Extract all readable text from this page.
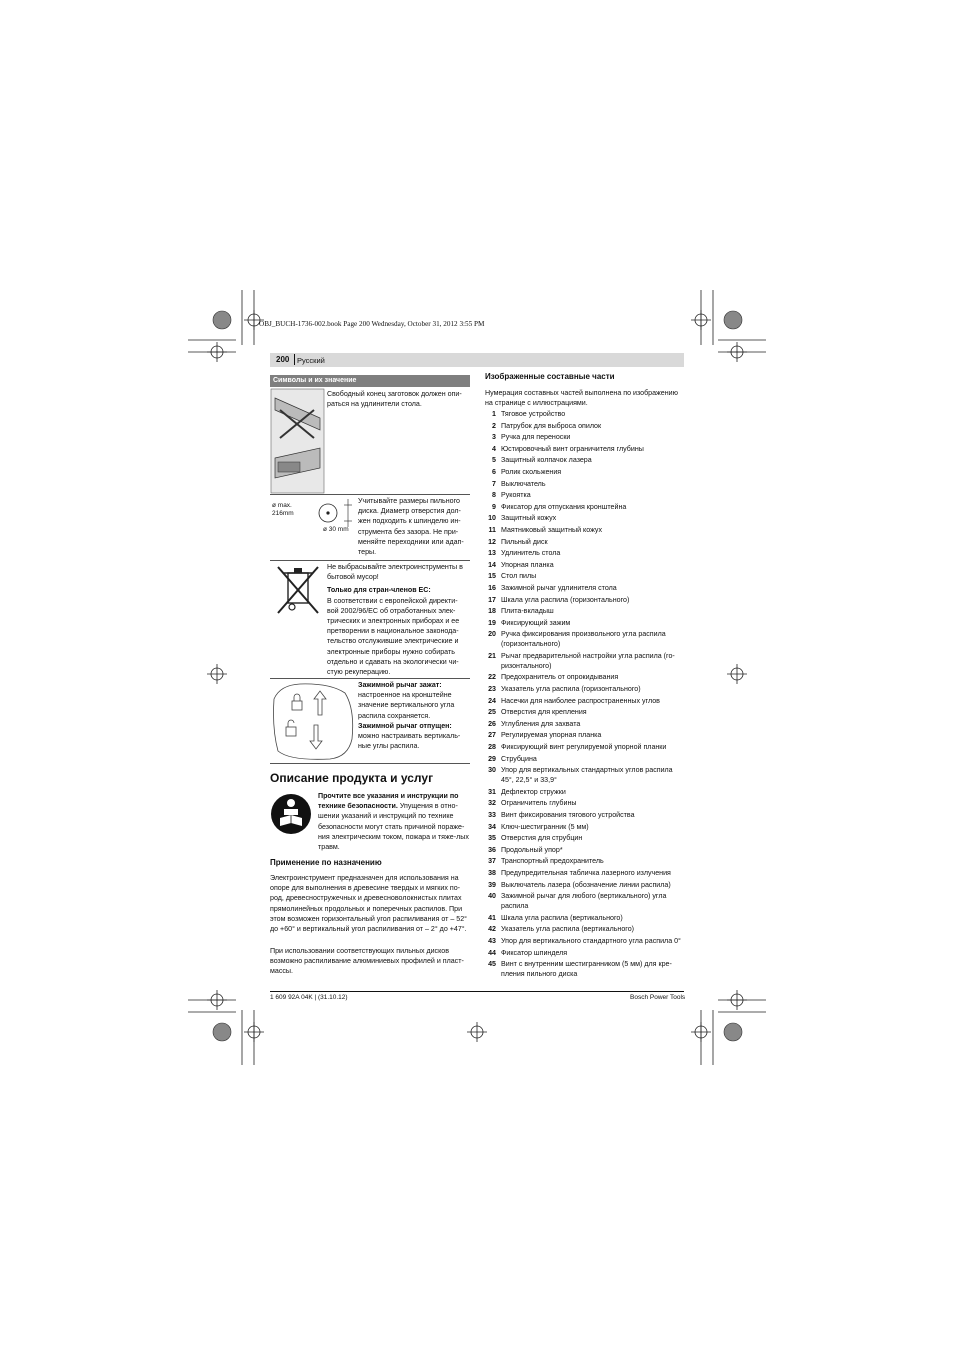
OBJ_BUCH-1736-002.book Page 200 Wednesday, October 31, 2012 3:55 PM
200 Русский
Символы и их значение

Свободный конец заготовок должен опи-раться на удлинители стола.

ø max.
216mm
ø 30 mm

Учитывайте размеры пильного диска. Диаметр отверстия дол-жен подходить к шпинделю ин-струмента без зазора. Не при-меняйте переходники или адап-теры.

Не выбрасывайте электроинструменты в бытовой мусор!

Только для стран-членов ЕС:

В соответствии с европейской директи-вой 2002/96/ЕС об отработанных элек-трических и электронных приборах и ее претворении в национальное законода-тельство отслужившие электрические и электронные приборы нужно собирать отдельно и сдавать на экологически чи-стую рекуперацию.

Зажимной рычаг зажат:

настроенное на кронштейне значение вертикального угла распила сохраняется.

Зажимной рычаг отпущен:

можно настраивать вертикаль-ные углы распила.

Описание продукта и услуг
Прочтите все указания и инструкции по технике безопасности. Упущения в отно-шении указаний и инструкций по технике безопасности могут стать причиной пораже-ния электрическим током, пожара и тяже-лых травм.
Применение по назначению
Электроинструмент предназначен для использования на опоре для выполнения в древесине твердых и мягких по-род, древесностружечных и древесноволокнистых плитах прямолинейных продольных и поперечных распилов. При этом возможен горизонтальный угол распиливания от – 52° до +60° и вертикальный угол распиливания от – 2° до +47°.
При использовании соответствующих пильных дисков возможно распиливание алюминиевых профилей и пласт-массы.
Изображенные составные части
Нумерация составных частей выполнена по изображению на странице с иллюстрациями.
1 Тяговое устройство
2 Патрубок для выброса опилок
3 Ручка для переноски
4 Юстировочный винт ограничителя глубины
5 Защитный колпачок лазера
6 Ролик скольжения
7 Выключатель
8 Рукоятка
9 Фиксатор для отпускания кронштейна
10 Защитный кожух
11 Маятниковый защитный кожух
12 Пильный диск
13 Удлинитель стола
14 Упорная планка
15 Стол пилы
16 Зажимной рычаг удлинителя стола
17 Шкала угла распила (горизонтального)
18 Плита-вкладыш
19 Фиксирующий зажим
20 Ручка фиксирования произвольного угла распила (горизонтального)
21 Рычаг предварительной настройки угла распила (го-ризонтального)
22 Предохранитель от опрокидывания
23 Указатель угла распила (горизонтального)
24 Насечки для наиболее распространенных углов
25 Отверстия для крепления
26 Углубления для захвата
27 Регулируемая упорная планка
28 Фиксирующий винт регулируемой упорной планки
29 Струбцина
30 Упор для вертикальных стандартных углов распила 45°, 22,5° и 33,9°
31 Дефлектор стружки
32 Ограничитель глубины
33 Винт фиксирования тягового устройства
34 Ключ-шестигранник (5 мм)
35 Отверстия для струбцин
36 Продольный упор*
37 Транспортный предохранитель
38 Предупредительная табличка лазерного излучения
39 Выключатель лазера (обозначение линии распила)
40 Зажимной рычаг для любого (вертикального) угла распила
41 Шкала угла распила (вертикального)
42 Указатель угла распила (вертикального)
43 Упор для вертикального стандартного угла распила 0°
44 Фиксатор шпинделя
45 Винт с внутренним шестигранником (5 мм) для кре-пления пильного диска
1 609 92A 04K | (31.10.12)	Bosch Power Tools
